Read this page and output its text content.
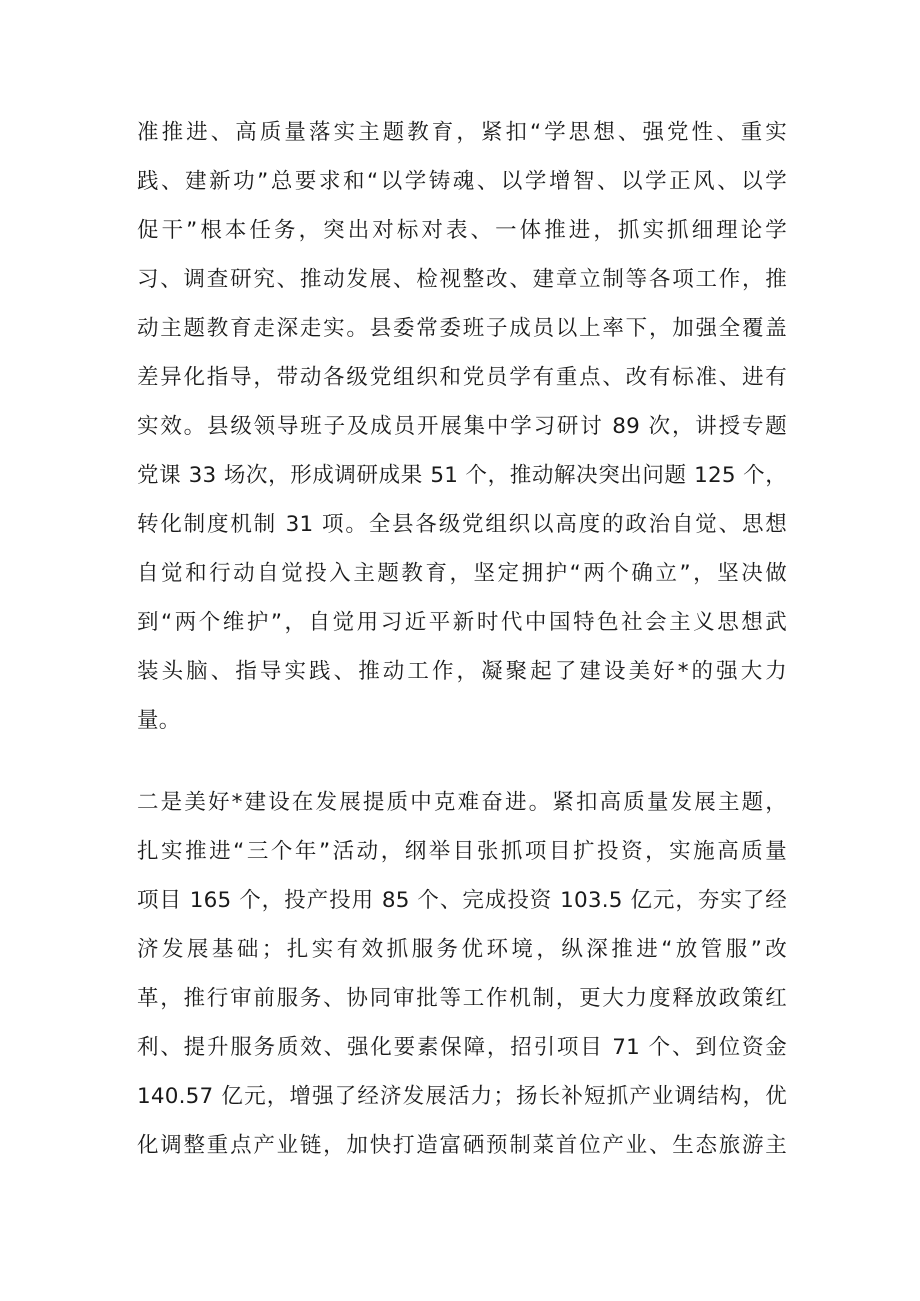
准推进、高质量落实主题教育，紧扣“学思想、强党性、重实
践、建新功”总要求和“以学铸魂、以学增智、以学正风、以学
促干”根本任务，突出对标对表、一体推进，抓实抓细理论学
习、调查研究、推动发展、检视整改、建章立制等各项工作，推
动主题教育走深走实。县委常委班子成员以上率下，加强全覆盖
差异化指导，带动各级党组织和党员学有重点、改有标准、进有
实效。县级领导班子及成员开展集中学习研讨 89 次，讲授专题
党课 33 场次，形成调研成果 51 个，推动解决突出问题 125 个，
转化制度机制 31 项。全县各级党组织以高度的政治自觉、思想
自觉和行动自觉投入主题教育，坚定拥护“两个确立”，坚决做
到“两个维护”，自觉用习近平新时代中国特色社会主义思想武
装头脑、指导实践、推动工作，凝聚起了建设美好*的强大力
量。
二是美好*建设在发展提质中克难奋进。紧扣高质量发展主题，
扎实推进“三个年”活动，纲举目张抓项目扩投资，实施高质量
项目 165 个，投产投用 85 个、完成投资 103.5 亿元，夯实了经
济发展基础；扎实有效抓服务优环境，纵深推进“放管服”改
革，推行审前服务、协同审批等工作机制，更大力度释放政策红
利、提升服务质效、强化要素保障，招引项目 71 个、到位资金
140.57 亿元，增强了经济发展活力；扬长补短抓产业调结构，优
化调整重点产业链，加快打造富硒预制菜首位产业、生态旅游主
